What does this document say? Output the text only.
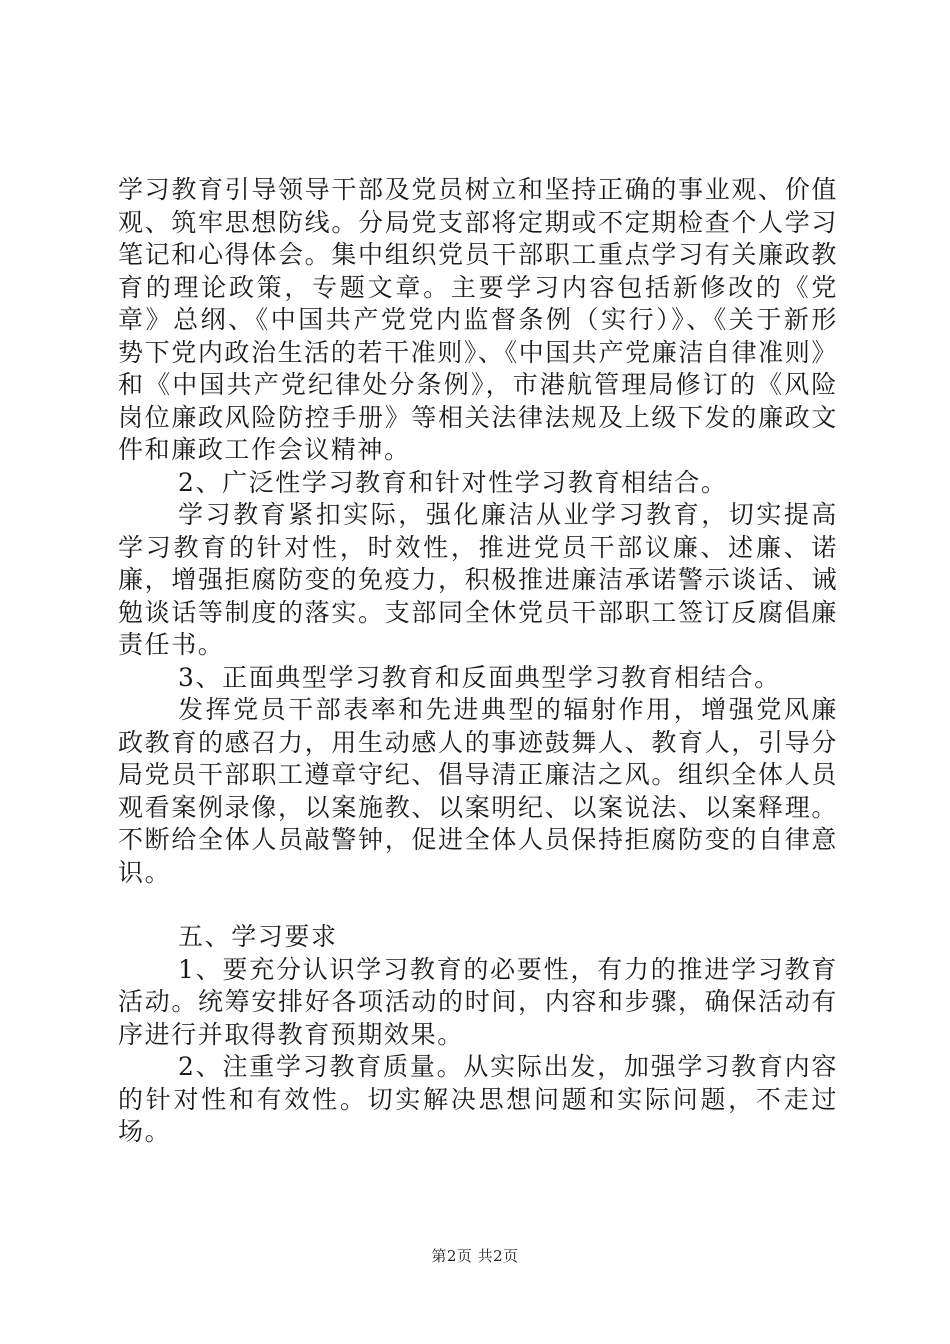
学习教育引导领导干部及党员树立和坚持正确的事业观、价值观、筑牢思想防线。分局党支部将定期或不定期检查个人学习笔记和心得体会。集中组织党员干部职工重点学习有关廉政教育的理论政策，专题文章。主要学习内容包括新修改的《党章》总纲、《中国共产党党内监督条例（实行）》、《关于新形势下党内政治生活的若干准则》、《中国共产党廉洁自律准则》和《中国共产党纪律处分条例》，市港航管理局修订的《风险岗位廉政风险防控手册》等相关法律法规及上级下发的廉政文件和廉政工作会议精神。

2、广泛性学习教育和针对性学习教育相结合。

学习教育紧扣实际，强化廉洁从业学习教育，切实提高学习教育的针对性，时效性，推进党员干部议廉、述廉、诺廉，增强拒腐防变的免疫力，积极推进廉洁承诺警示谈话、诫勉谈话等制度的落实。支部同全休党员干部职工签订反腐倡廉责任书。

3、正面典型学习教育和反面典型学习教育相结合。

发挥党员干部表率和先进典型的辐射作用，增强党风廉政教育的感召力，用生动感人的事迹鼓舞人、教育人，引导分局党员干部职工遵章守纪、倡导清正廉洁之风。组织全体人员观看案例录像，以案施教、以案明纪、以案说法、以案释理。不断给全体人员敲警钟，促进全体人员保持拒腐防变的自律意识。

五、学习要求

1、要充分认识学习教育的必要性，有力的推进学习教育活动。统筹安排好各项活动的时间，内容和步骤，确保活动有序进行并取得教育预期效果。

2、注重学习教育质量。从实际出发，加强学习教育内容的针对性和有效性。切实解决思想问题和实际问题，不走过场。

第2页 共2页
